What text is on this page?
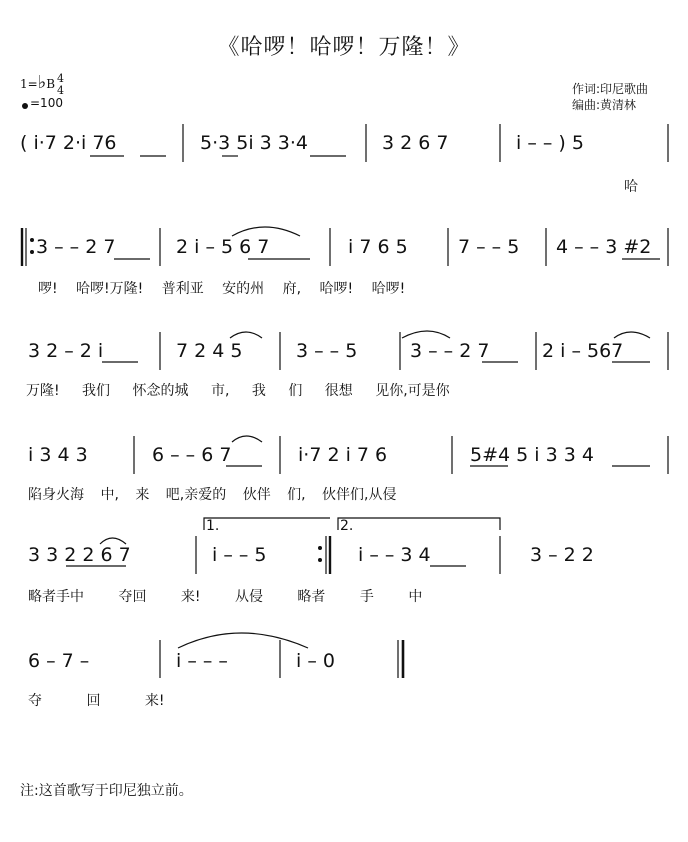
《哈啰！哈啰！万隆！》
1=♭B 4
4
=100
作词:印尼歌曲
编曲:黄清林
( i·7 2·i 76	5·3 5i 3 3·4	3 2 6 7	i – – ) 5
哈
3 – – 2 7	2 i – 5 6 7	i 7 6 5	7 – – 5 4 – – 3 #2
啰! 哈啰!万隆! 普利亚 安的州 府, 哈啰! 哈啰!
3 2 – 2 i	7 2 4 5	3 – – 5	3 – – 2 7	2 i – 567
万隆! 我们 怀念的城 市, 我 们 很想 见你,可是你
i 3 4 3	6 – – 6 7	i·7 2 i 7 6	5#4 5 i 3 3 4
陷身火海 中, 来 吧,亲爱的 伙伴 们, 伙伴们,从侵
1.	2.
3 3 2 2 6 7	i – – 5	i – – 3 4	3 – 2 2
略者手中 夺回 来! 从侵 略者 手 中
6 – 7 –	i – – –	i – 0
夺 回 来!
注:这首歌写于印尼独立前。
